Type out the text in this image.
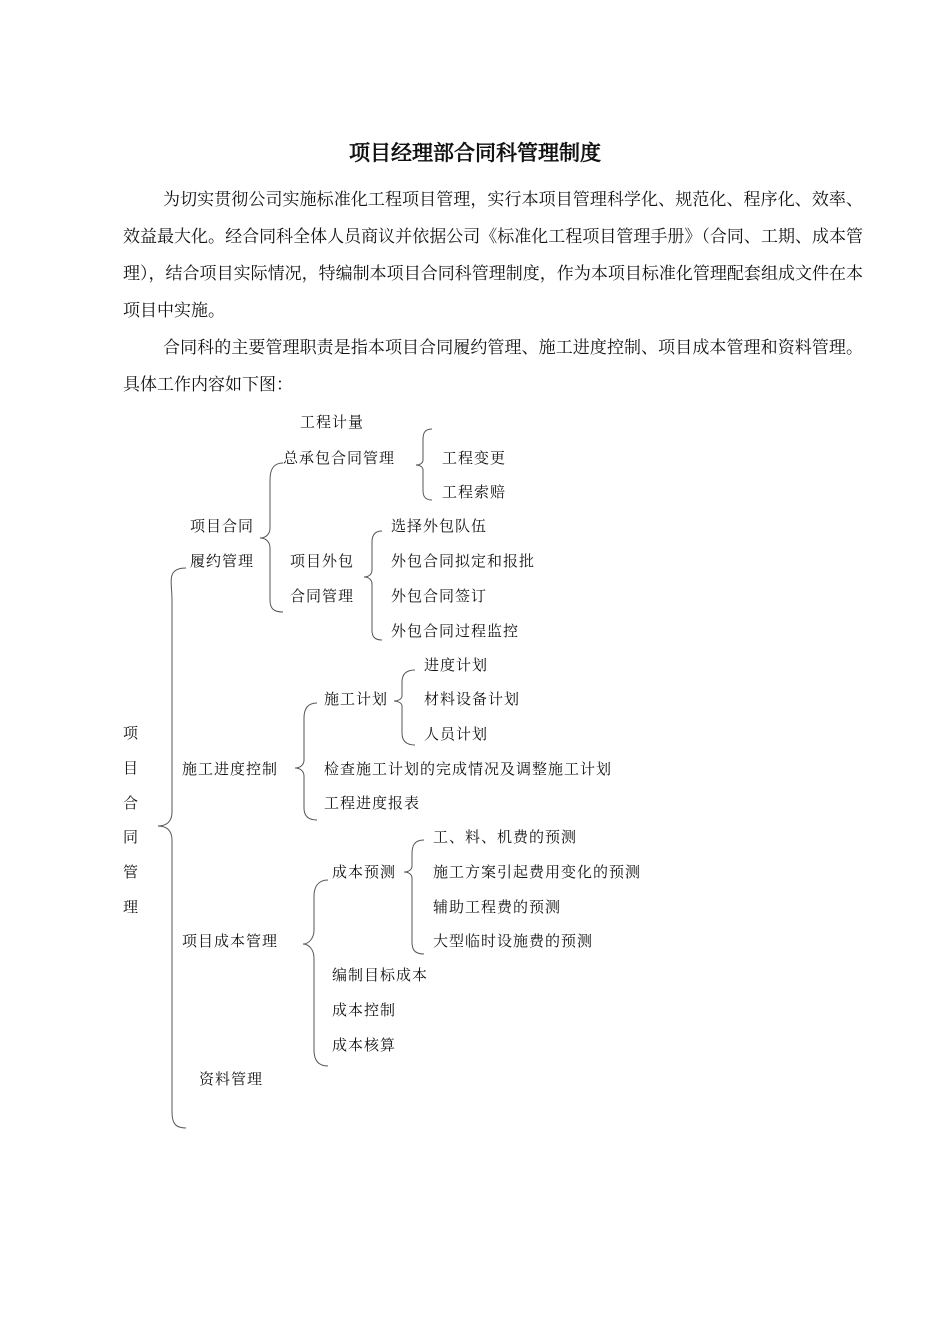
项目经理部合同科管理制度
为切实贯彻公司实施标准化工程项目管理，实行本项目管理科学化、规范化、程序化、效率、效益最大化。经合同科全体人员商议并依据公司《标准化工程项目管理手册》（合同、工期、成本管理），结合项目实际情况，特编制本项目合同科管理制度，作为本项目标准化管理配套组成文件在本项目中实施。
合同科的主要管理职责是指本项目合同履约管理、施工进度控制、项目成本管理和资料管理。具体工作内容如下图：
项
目
合
同
管
理
项目合同
履约管理
工程计量
总承包合同管理	工程变更
工程索赔
项目外包
合同管理
选择外包队伍
外包合同拟定和报批
外包合同签订
外包合同过程监控
施工进度控制
施工计划
进度计划
材料设备计划
人员计划
检查施工计划的完成情况及调整施工计划
工程进度报表
项目成本管理
成本预测
工、料、机费的预测
施工方案引起费用变化的预测
辅助工程费的预测
大型临时设施费的预测
编制目标成本
成本控制
成本核算
资料管理
